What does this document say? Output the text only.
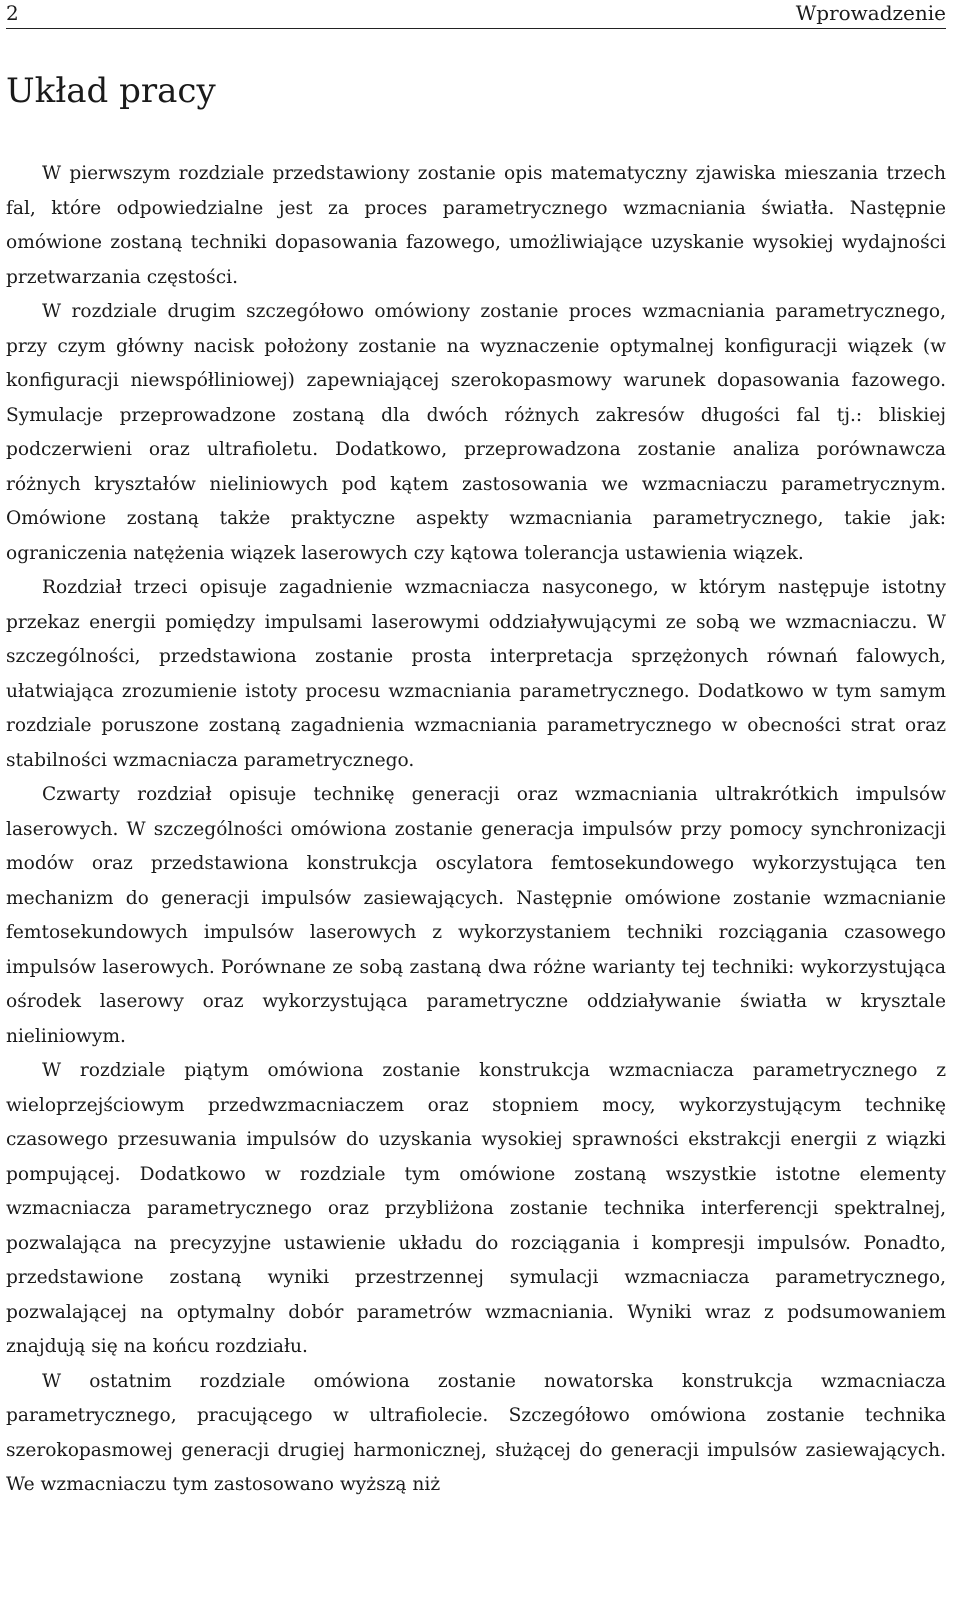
2	Wprowadzenie
Układ pracy

W pierwszym rozdziale przedstawiony zostanie opis matematyczny zjawiska mieszania trzech fal, które odpowiedzialne jest za proces parametrycznego wzmacniania światła. Następnie omówione zostaną techniki dopasowania fazowego, umożliwiające uzyskanie wysokiej wydajności przetwarzania częstości.

W rozdziale drugim szczegółowo omówiony zostanie proces wzmacniania parametrycznego, przy czym główny nacisk położony zostanie na wyznaczenie optymalnej konfiguracji wiązek (w konfiguracji niewspółliniowej) zapewniającej szerokopasmowy warunek dopasowania fazowego. Symulacje przeprowadzone zostaną dla dwóch różnych zakresów długości fal tj.: bliskiej podczerwieni oraz ultrafioletu. Dodatkowo, przeprowadzona zostanie analiza porównawcza różnych kryształów nieliniowych pod kątem zastosowania we wzmacniaczu parametrycznym. Omówione zostaną także praktyczne aspekty wzmacniania parametrycznego, takie jak: ograniczenia natężenia wiązek laserowych czy kątowa tolerancja ustawienia wiązek.

Rozdział trzeci opisuje zagadnienie wzmacniacza nasyconego, w którym następuje istotny przekaz energii pomiędzy impulsami laserowymi oddziaływującymi ze sobą we wzmacniaczu. W szczególności, przedstawiona zostanie prosta interpretacja sprzężonych równań falowych, ułatwiająca zrozumienie istoty procesu wzmacniania parametrycznego. Dodatkowo w tym samym rozdziale poruszone zostaną zagadnienia wzmacniania parametrycznego w obecności strat oraz stabilności wzmacniacza parametrycznego.

Czwarty rozdział opisuje technikę generacji oraz wzmacniania ultrakrótkich impulsów laserowych. W szczególności omówiona zostanie generacja impulsów przy pomocy synchronizacji modów oraz przedstawiona konstrukcja oscylatora femtosekundowego wykorzystująca ten mechanizm do generacji impulsów zasiewających. Następnie omówione zostanie wzmacnianie femtosekundowych impulsów laserowych z wykorzystaniem techniki rozciągania czasowego impulsów laserowych. Porównane ze sobą zastaną dwa różne warianty tej techniki: wykorzystująca ośrodek laserowy oraz wykorzystująca parametryczne oddziaływanie światła w krysztale nieliniowym.

W rozdziale piątym omówiona zostanie konstrukcja wzmacniacza parametrycznego z wieloprzejściowym przedwzmacniaczem oraz stopniem mocy, wykorzystującym technikę czasowego przesuwania impulsów do uzyskania wysokiej sprawności ekstrakcji energii z wiązki pompującej. Dodatkowo w rozdziale tym omówione zostaną wszystkie istotne elementy wzmacniacza parametrycznego oraz przybliżona zostanie technika interferencji spektralnej, pozwalająca na precyzyjne ustawienie układu do rozciągania i kompresji impulsów. Ponadto, przedstawione zostaną wyniki przestrzennej symulacji wzmacniacza parametrycznego, pozwalającej na optymalny dobór parametrów wzmacniania. Wyniki wraz z podsumowaniem znajdują się na końcu rozdziału.

W ostatnim rozdziale omówiona zostanie nowatorska konstrukcja wzmacniacza parametrycznego, pracującego w ultrafiolecie. Szczegółowo omówiona zostanie technika szerokopasmowej generacji drugiej harmonicznej, służącej do generacji impulsów zasiewających. We wzmacniaczu tym zastosowano wyższą niż
